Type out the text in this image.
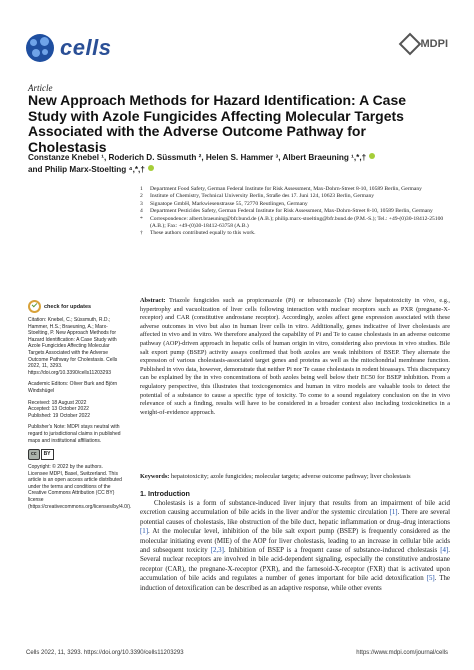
cells	MDPI
Article
New Approach Methods for Hazard Identification: A Case Study with Azole Fungicides Affecting Molecular Targets Associated with the Adverse Outcome Pathway for Cholestasis
Constanze Knebel ¹, Roderich D. Süssmuth ², Helen S. Hammer ³, Albert Braeuning ¹,*,†
and Philip Marx-Stoelting ⁴,*,†
1	Department Food Safety, German Federal Institute for Risk Assessment, Max-Dohrn-Street 8-10, 10589 Berlin, Germany
2	Institute of Chemistry, Technical University Berlin, Straße des 17. Juni 124, 10623 Berlin, Germany
3	Signatope GmbH, Markwiesenstrasse 55, 72770 Reutlingen, Germany
4	Department Pesticides Safety, German Federal Institute for Risk Assessment, Max-Dohrn-Street 8-10, 10589 Berlin, Germany
*	Correspondence: albert.braeuning@bfr.bund.de (A.B.); philip.marx-stoelting@bfr.bund.de (P.M.-S.); Tel.: +49-(0)30-18412-25100 (A.B.); Fax: +49-(0)30-18412-63758 (A.B.)
†	These authors contributed equally to this work.
check for updates

Citation: Knebel, C.; Süssmuth, R.D.; Hammer, H.S.; Braeuning, A.; Marx-Stoelting, P. New Approach Methods for Hazard Identification: A Case Study with Azole Fungicides Affecting Molecular Targets Associated with the Adverse Outcome Pathway for Cholestasis. Cells 2022, 11, 3293. https://doi.org/10.3390/cells11203293

Academic Editors: Oliver Burk and Björn Windshügel

Received: 18 August 2022
Accepted: 13 October 2022
Published: 19 October 2022

Publisher's Note: MDPI stays neutral with regard to jurisdictional claims in published maps and institutional affiliations.

cc	BY

Copyright: © 2022 by the authors. Licensee MDPI, Basel, Switzerland. This article is an open access article distributed under the terms and conditions of the Creative Commons Attribution (CC BY) license (https://creativecommons.org/licenses/by/4.0/).

Abstract: Triazole fungicides such as propiconazole (Pi) or tebuconazole (Te) show hepatotoxicity in vivo, e.g., hypertrophy and vacuolization of liver cells following interaction with nuclear receptors such as PXR (pregnane-X-receptor) and CAR (constitutive androstane receptor). Accordingly, azoles affect gene expression associated with these adverse outcomes in vivo but also in human liver cells in vitro. Additionally, genes indicative of liver cholestasis are affected in vivo and in vitro. We therefore analyzed the capability of Pi and Te to cause cholestasis in an adverse outcome pathway (AOP)-driven approach in hepatic cells of human origin in vitro, considering also previous in vivo studies. Bile salt export pump (BSEP) activity assays confirmed that both azoles are weak inhibitors of BSEP. They alternate the expression of various cholestasis-associated target genes and proteins as well as the mitochondrial membrane function. Published in vivo data, however, demonstrate that neither Pi nor Te cause cholestasis in rodent bioassays. This discrepancy can be explained by the in vivo concentrations of both azoles being well below their EC50 for BSEP inhibition. From a regulatory perspective, this illustrates that toxicogenomics and human in vitro models are valuable tools to detect the potential of a substance to cause a specific type of toxicity. To come to a sound regulatory conclusion on the in vivo relevance of such a finding, results will have to be considered in a broader context also including toxicokinetics in a weight-of-evidence approach.
Keywords: hepatotoxicity; azole fungicides; molecular targets; adverse outcome pathway; liver cholestasis
1. Introduction

Cholestasis is a form of substance-induced liver injury that results from an impairment of bile acid excretion causing accumulation of bile acids in the liver and/or the systemic circulation [1]. There are several potential causes of cholestasis, like obstruction of the bile duct, hepatic inflammation or drug–drug interactions [1]. At the molecular level, inhibition of the bile salt export pump (BSEP) is frequently considered as the molecular initiating event (MIE) of the AOP for liver cholestasis, leading to an increase in cellular bile acids and subsequent toxicity [2,3]. Inhibition of BSEP is a frequent cause of substance-induced cholestasis [4]. Several nuclear receptors are involved in bile acid-dependent signaling, especially the constitutive androstane receptor (CAR), the pregnane-X-receptor (PXR), and the farnesoid-X-receptor (FXR) that is activated upon accumulation of bile acids and regulates a number of genes important for bile acid detoxification [5]. The induction of detoxification can be described as an adaptive response, while other events

Cells 2022, 11, 3293. https://doi.org/10.3390/cells11203293	https://www.mdpi.com/journal/cells
